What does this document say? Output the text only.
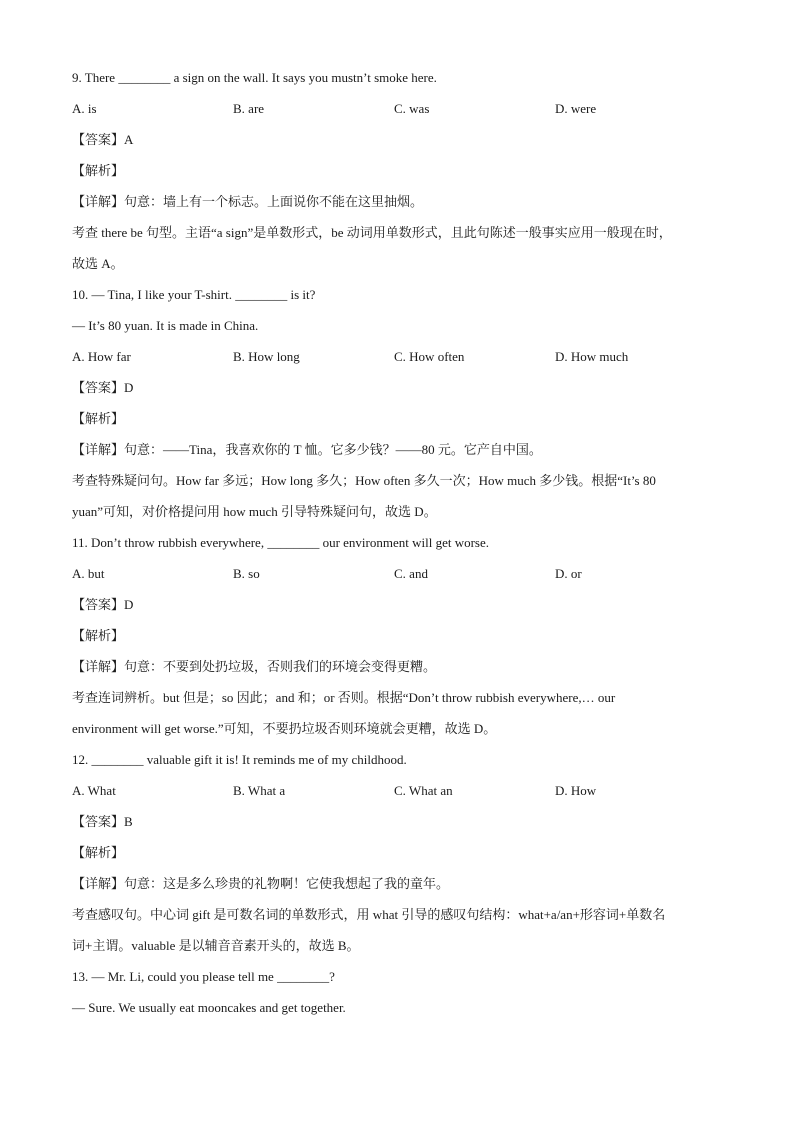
9. There ________ a sign on the wall. It says you mustn’t smoke here.
A. is	B. are	C. was	D. were
【答案】A
【解析】
【详解】句意：墙上有一个标志。上面说你不能在这里抽烟。
考查 there be 句型。主语“a sign”是单数形式，be 动词用单数形式，且此句陈述一般事实应用一般现在时，
故选 A。
10. — Tina, I like your T-shirt. ________ is it?
— It’s 80 yuan. It is made in China.
A. How far	B. How long	C. How often	D. How much
【答案】D
【解析】
【详解】句意：——Tina，我喜欢你的 T 恤。它多少钱？——80 元。它产自中国。
考查特殊疑问句。How far 多远；How long 多久；How often 多久一次；How much 多少钱。根据“It’s 80
yuan”可知，对价格提问用 how much 引导特殊疑问句，故选 D。
11. Don’t throw rubbish everywhere, ________ our environment will get worse.
A. but	B. so	C. and	D. or
【答案】D
【解析】
【详解】句意：不要到处扔垃圾，否则我们的环境会变得更糟。
考查连词辨析。but 但是；so 因此；and 和；or 否则。根据“Don’t throw rubbish everywhere,… our
environment will get worse.”可知，不要扔垃圾否则环境就会更糟，故选 D。
12. ________ valuable gift it is! It reminds me of my childhood.
A. What	B. What a	C. What an	D. How
【答案】B
【解析】
【详解】句意：这是多么珍贵的礼物啊！它使我想起了我的童年。
考查感叹句。中心词 gift 是可数名词的单数形式，用 what 引导的感叹句结构：what+a/an+形容词+单数名
词+主谓。valuable 是以辅音音素开头的，故选 B。
13. — Mr. Li, could you please tell me ________?
— Sure. We usually eat mooncakes and get together.
